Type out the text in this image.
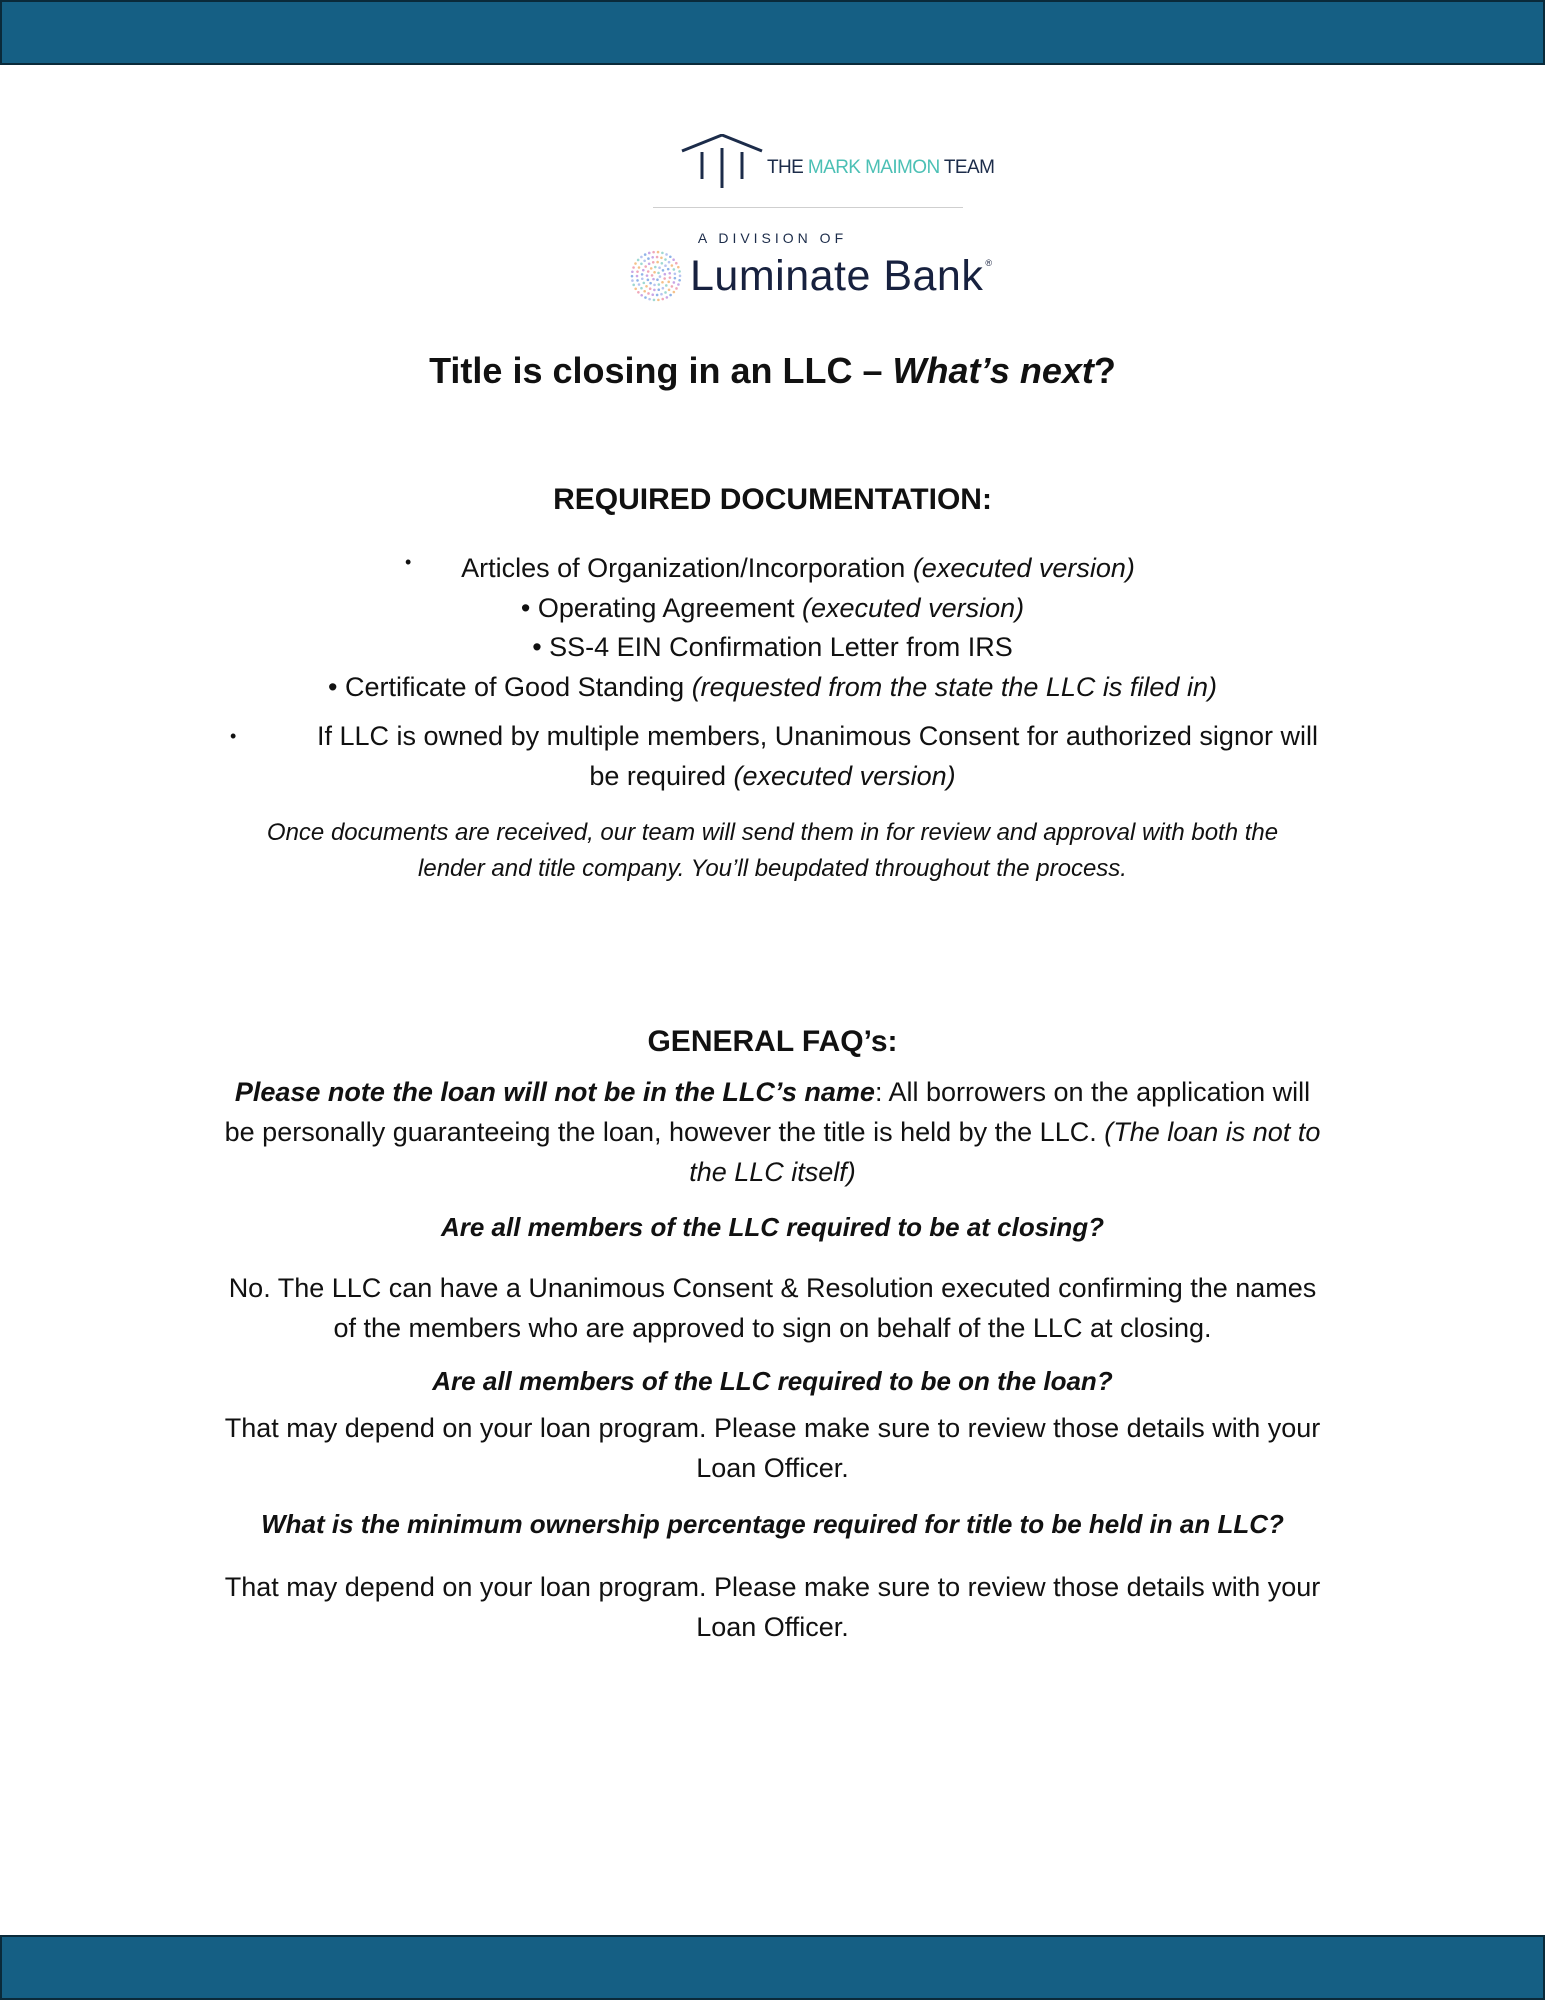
THE MARK MAIMON TEAM
A DIVISION OF
Luminate Bank ®
Title is closing in an LLC – What’s next?
REQUIRED DOCUMENTATION:
• Articles of Organization/Incorporation (executed version)
• Operating Agreement (executed version)
• SS-4 EIN Confirmation Letter from IRS
• Certificate of Good Standing (requested from the state the LLC is filed in)
•	If LLC is owned by multiple members, Unanimous Consent for authorized signor will
be required (executed version)
Once documents are received, our team will send them in for review and approval with both the
lender and title company. You’ll beupdated throughout the process.
GENERAL FAQ’s:
Please note the loan will not be in the LLC’s name: All borrowers on the application will
be personally guaranteeing the loan, however the title is held by the LLC. (The loan is not to
the LLC itself)
Are all members of the LLC required to be at closing?
No. The LLC can have a Unanimous Consent & Resolution executed confirming the names
of the members who are approved to sign on behalf of the LLC at closing.
Are all members of the LLC required to be on the loan?
That may depend on your loan program. Please make sure to review those details with your
Loan Officer.
What is the minimum ownership percentage required for title to be held in an LLC?
That may depend on your loan program. Please make sure to review those details with your
Loan Officer.
